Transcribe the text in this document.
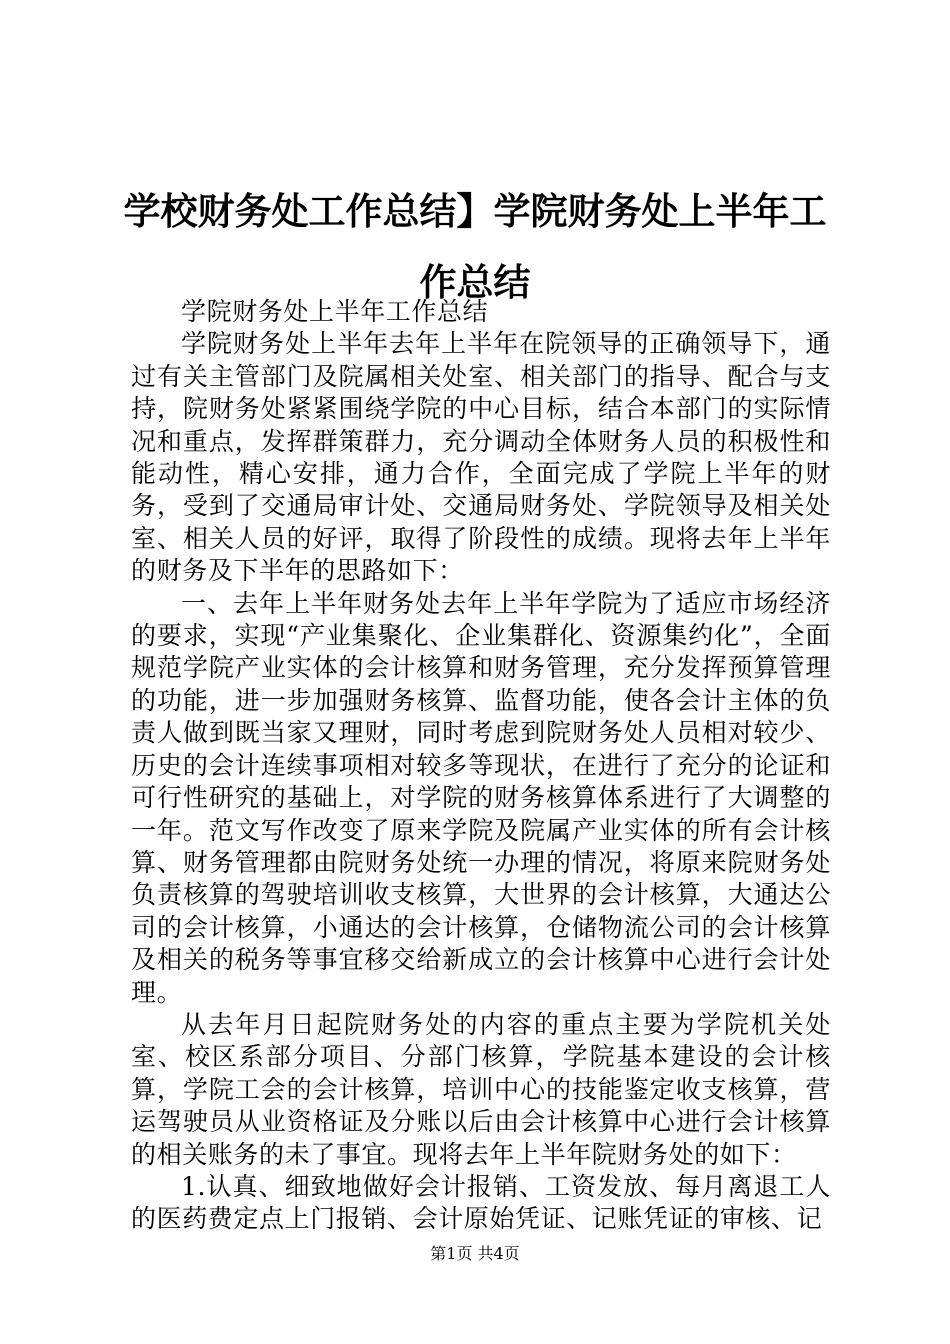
学校财务处工作总结】学院财务处上半年工作总结

学院财务处上半年工作总结

学院财务处上半年去年上半年在院领导的正确领导下，通过有关主管部门及院属相关处室、相关部门的指导、配合与支持，院财务处紧紧围绕学院的中心目标，结合本部门的实际情况和重点，发挥群策群力，充分调动全体财务人员的积极性和能动性，精心安排，通力合作，全面完成了学院上半年的财务，受到了交通局审计处、交通局财务处、学院领导及相关处室、相关人员的好评，取得了阶段性的成绩。现将去年上半年的财务及下半年的思路如下：

一、去年上半年财务处去年上半年学院为了适应市场经济的要求，实现“产业集聚化、企业集群化、资源集约化”，全面规范学院产业实体的会计核算和财务管理，充分发挥预算管理的功能，进一步加强财务核算、监督功能，使各会计主体的负责人做到既当家又理财，同时考虑到院财务处人员相对较少、历史的会计连续事项相对较多等现状，在进行了充分的论证和可行性研究的基础上，对学院的财务核算体系进行了大调整的一年。范文写作改变了原来学院及院属产业实体的所有会计核算、财务管理都由院财务处统一办理的情况，将原来院财务处负责核算的驾驶培训收支核算，大世界的会计核算，大通达公司的会计核算，小通达的会计核算，仓储物流公司的会计核算及相关的税务等事宜移交给新成立的会计核算中心进行会计处理。

从去年月日起院财务处的内容的重点主要为学院机关处室、校区系部分项目、分部门核算，学院基本建设的会计核算，学院工会的会计核算，培训中心的技能鉴定收支核算，营运驾驶员从业资格证及分账以后由会计核算中心进行会计核算的相关账务的未了事宜。现将去年上半年院财务处的如下：

1.认真、细致地做好会计报销、工资发放、每月离退工人的医药费定点上门报销、会计原始凭证、记账凭证的审核、记

第1页 共4页
